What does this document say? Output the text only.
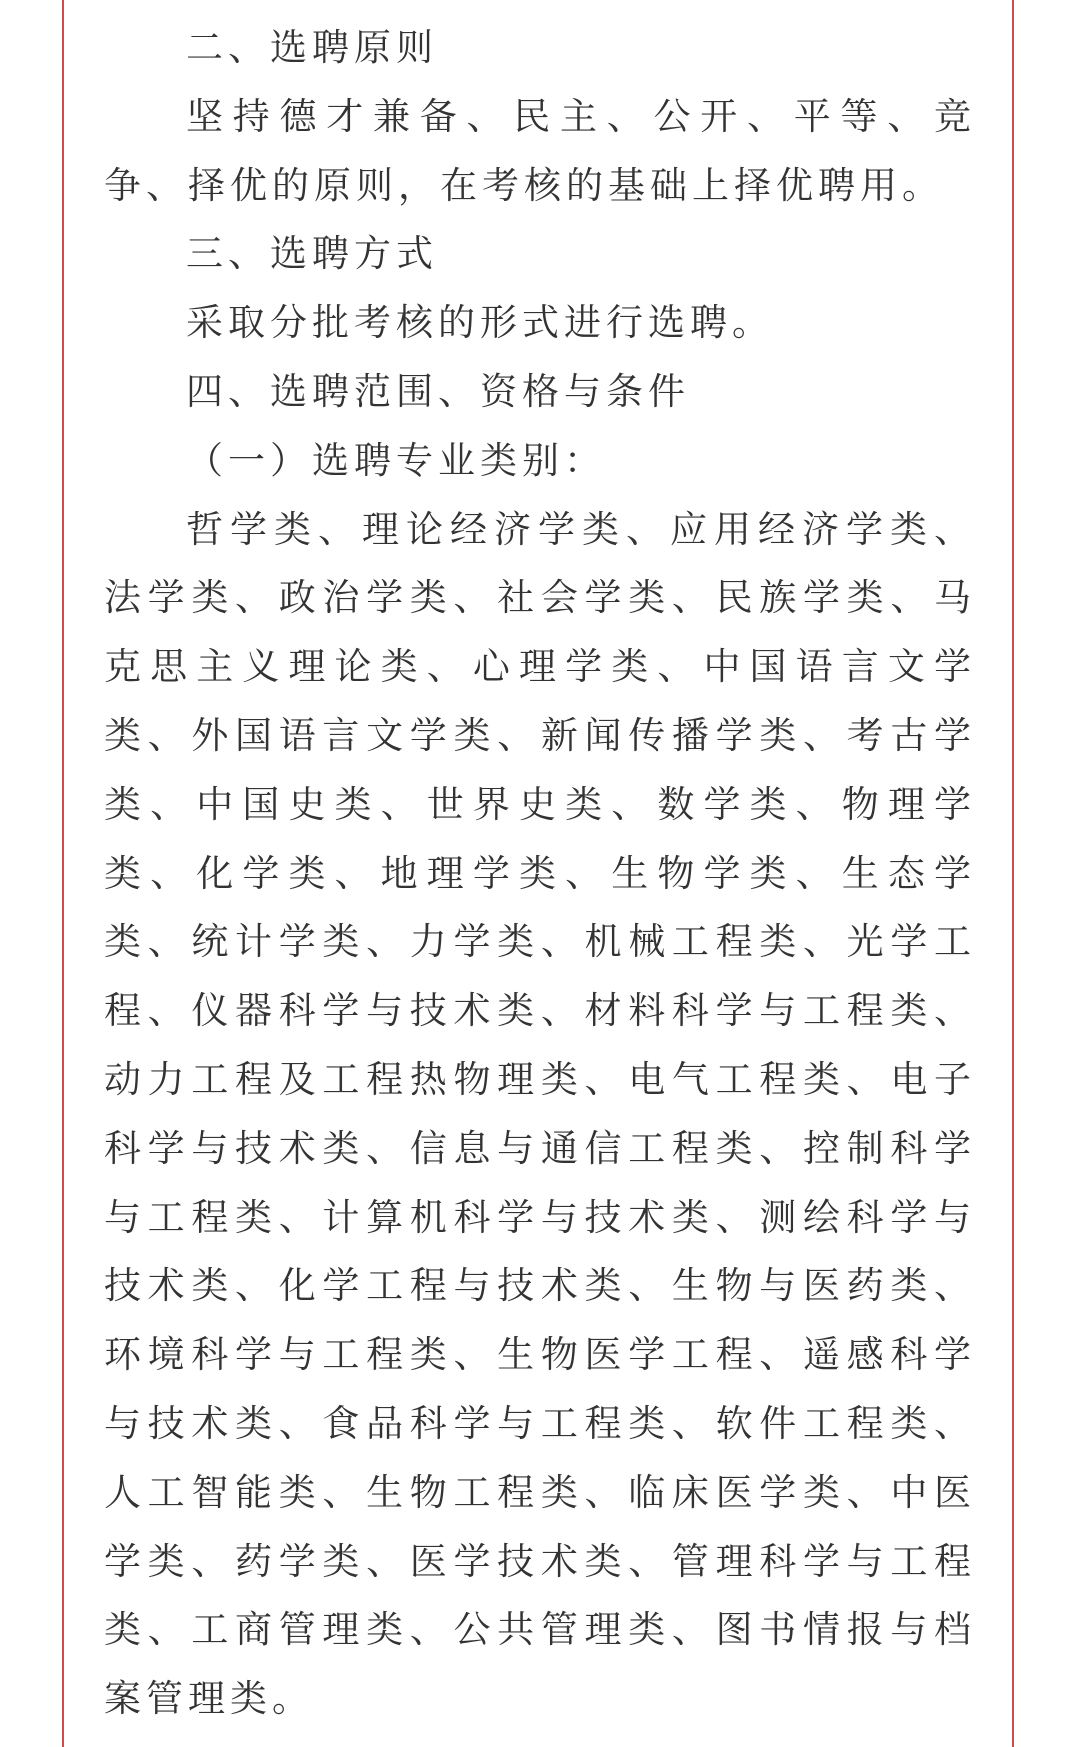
二、选聘原则

坚持德才兼备、民主、公开、平等、竞争、择优的原则，在考核的基础上择优聘用。

三、选聘方式

采取分批考核的形式进行选聘。

四、选聘范围、资格与条件

（一）选聘专业类别：

哲学类、理论经济学类、应用经济学类、法学类、政治学类、社会学类、民族学类、马克思主义理论类、心理学类、中国语言文学类、外国语言文学类、新闻传播学类、考古学类、中国史类、世界史类、数学类、物理学类、化学类、地理学类、生物学类、生态学类、统计学类、力学类、机械工程类、光学工程、仪器科学与技术类、材料科学与工程类、动力工程及工程热物理类、电气工程类、电子科学与技术类、信息与通信工程类、控制科学与工程类、计算机科学与技术类、测绘科学与技术类、化学工程与技术类、生物与医药类、环境科学与工程类、生物医学工程、遥感科学与技术类、食品科学与工程类、软件工程类、人工智能类、生物工程类、临床医学类、中医学类、药学类、医学技术类、管理科学与工程类、工商管理类、公共管理类、图书情报与档案管理类。
